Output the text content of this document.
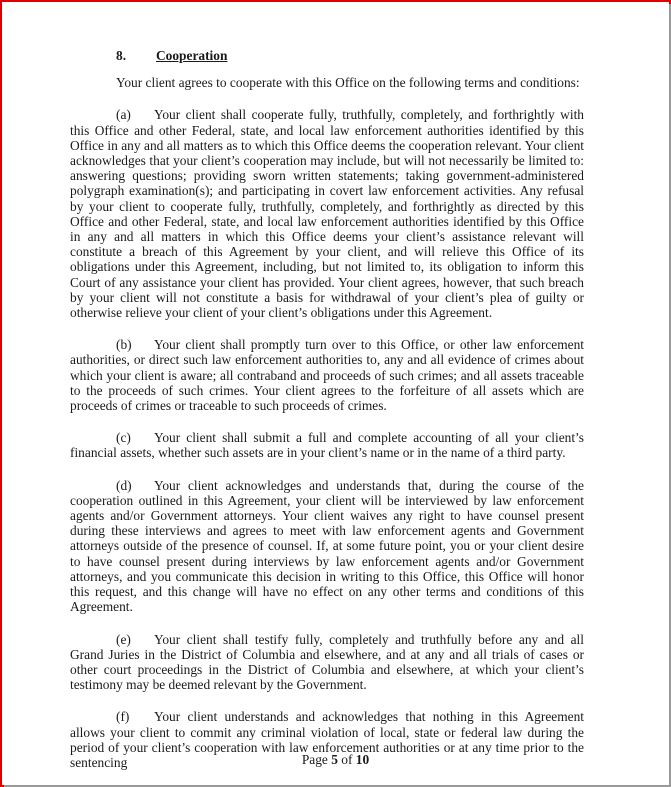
8. Cooperation
Your client agrees to cooperate with this Office on the following terms and conditions:
(a) Your client shall cooperate fully, truthfully, completely, and forthrightly with this Office and other Federal, state, and local law enforcement authorities identified by this Office in any and all matters as to which this Office deems the cooperation relevant. Your client acknowledges that your client’s cooperation may include, but will not necessarily be limited to: answering questions; providing sworn written statements; taking government-administered polygraph examination(s); and participating in covert law enforcement activities. Any refusal by your client to cooperate fully, truthfully, completely, and forthrightly as directed by this Office and other Federal, state, and local law enforcement authorities identified by this Office in any and all matters in which this Office deems your client’s assistance relevant will constitute a breach of this Agreement by your client, and will relieve this Office of its obligations under this Agreement, including, but not limited to, its obligation to inform this Court of any assistance your client has provided. Your client agrees, however, that such breach by your client will not constitute a basis for withdrawal of your client’s plea of guilty or otherwise relieve your client of your client’s obligations under this Agreement.
(b) Your client shall promptly turn over to this Office, or other law enforcement authorities, or direct such law enforcement authorities to, any and all evidence of crimes about which your client is aware; all contraband and proceeds of such crimes; and all assets traceable to the proceeds of such crimes. Your client agrees to the forfeiture of all assets which are proceeds of crimes or traceable to such proceeds of crimes.
(c) Your client shall submit a full and complete accounting of all your client’s financial assets, whether such assets are in your client’s name or in the name of a third party.
(d) Your client acknowledges and understands that, during the course of the cooperation outlined in this Agreement, your client will be interviewed by law enforcement agents and/or Government attorneys. Your client waives any right to have counsel present during these interviews and agrees to meet with law enforcement agents and Government attorneys outside of the presence of counsel. If, at some future point, you or your client desire to have counsel present during interviews by law enforcement agents and/or Government attorneys, and you communicate this decision in writing to this Office, this Office will honor this request, and this change will have no effect on any other terms and conditions of this Agreement.
(e) Your client shall testify fully, completely and truthfully before any and all Grand Juries in the District of Columbia and elsewhere, and at any and all trials of cases or other court proceedings in the District of Columbia and elsewhere, at which your client’s testimony may be deemed relevant by the Government.
(f) Your client understands and acknowledges that nothing in this Agreement allows your client to commit any criminal violation of local, state or federal law during the period of your client’s cooperation with law enforcement authorities or at any time prior to the sentencing	Page 5 of 10
